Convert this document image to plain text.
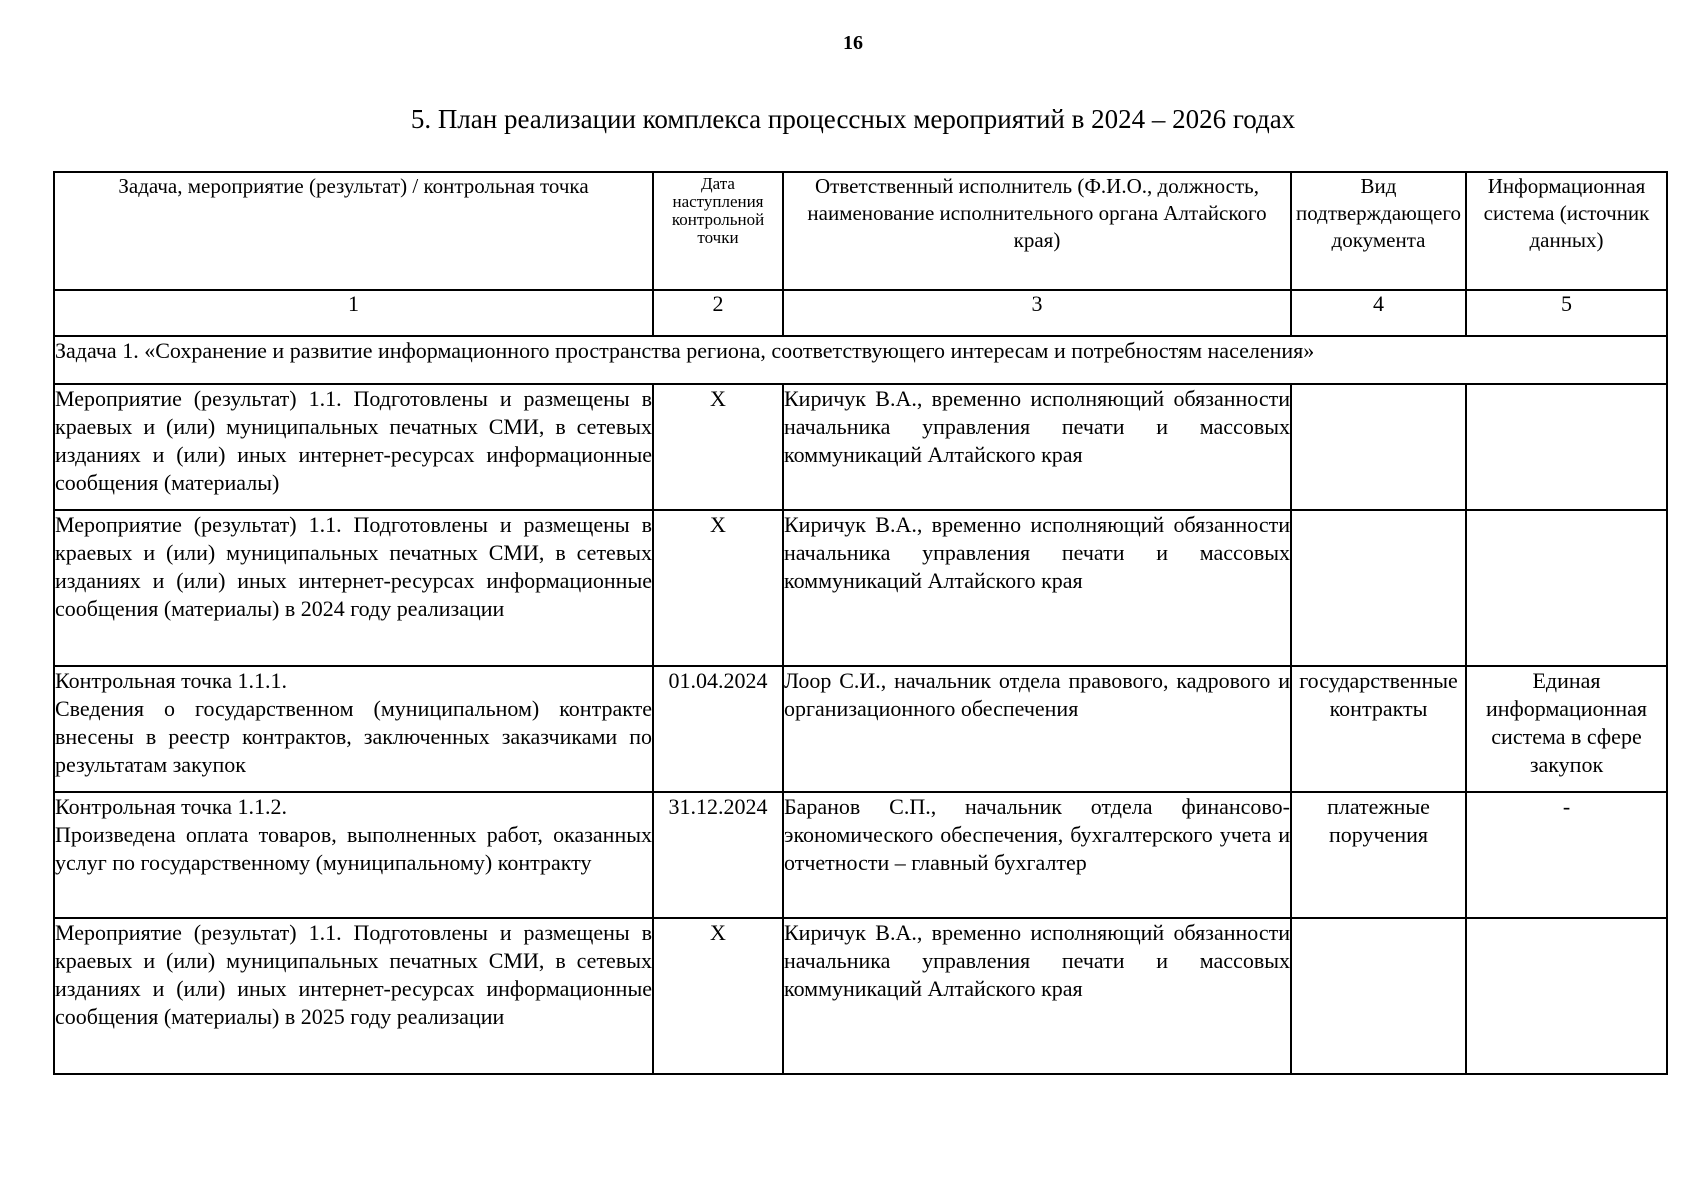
16
5. План реализации комплекса процессных мероприятий в 2024 – 2026 годах
Задача, мероприятие (результат) / контрольная точка	Дата наступления контрольной точки	Ответственный исполнитель (Ф.И.О., должность, наименование исполнительного органа Алтайского края)	Вид подтверждающего документа	Информационная система (источник данных)
1	2	3	4	5
Задача 1. «Сохранение и развитие информационного пространства региона, соответствующего интересам и потребностям населения»				
Мероприятие (результат) 1.1. Подготовлены и размещены в краевых и (или) муниципальных печатных СМИ, в сетевых изданиях и (или) иных интернет-ресурсах информационные сообщения (материалы)	X	Киричук В.А., временно исполняющий обязанности начальника управления печати и массовых коммуникаций Алтайского края		
Мероприятие (результат) 1.1. Подготовлены и размещены в краевых и (или) муниципальных печатных СМИ, в сетевых изданиях и (или) иных интернет-ресурсах информационные сообщения (материалы) в 2024 году реализации	X	Киричук В.А., временно исполняющий обязанности начальника управления печати и массовых коммуникаций Алтайского края		

Контрольная точка 1.1.1.
Сведения о государственном (муниципальном) контракте внесены в реестр контрактов, заключенных заказчиками по результатам закупок	01.04.2024	Лоор С.И., начальник отдела правового, кадрового и организационного обеспечения	государственные контракты	Единая информационная система в сфере закупок

Контрольная точка 1.1.2.
Произведена оплата товаров, выполненных работ, оказанных услуг по государственному (муниципальному) контракту	31.12.2024	Баранов С.П., начальник отдела финансово-экономического обеспечения, бухгалтерского учета и отчетности – главный бухгалтер	платежные поручения	-
Мероприятие (результат) 1.1. Подготовлены и размещены в краевых и (или) муниципальных печатных СМИ, в сетевых изданиях и (или) иных интернет-ресурсах информационные сообщения (материалы) в 2025 году реализации	X	Киричук В.А., временно исполняющий обязанности начальника управления печати и массовых коммуникаций Алтайского края		
